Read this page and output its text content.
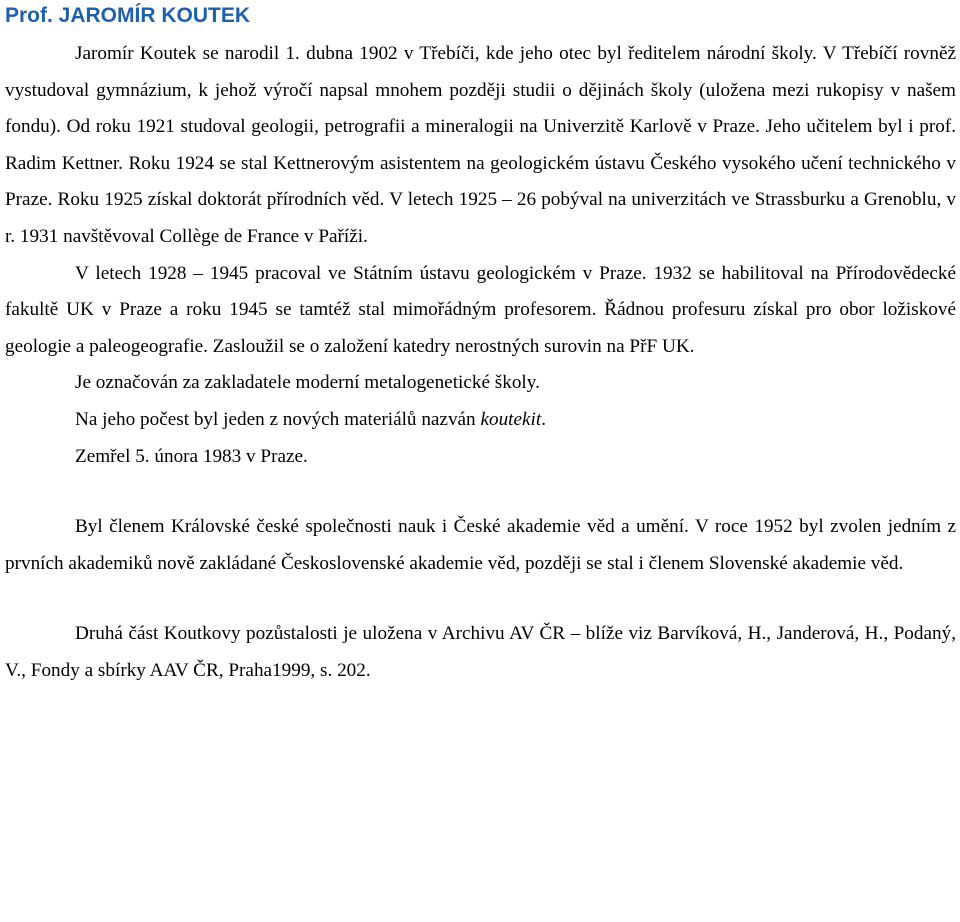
Prof. JAROMÍR KOUTEK

Jaromír Koutek se narodil 1. dubna 1902 v Třebíči, kde jeho otec byl ředitelem národní školy. V Třebíčí rovněž vystudoval gymnázium, k jehož výročí napsal mnohem později studii o dějinách školy (uložena mezi rukopisy v našem fondu). Od roku 1921 studoval geologii, petrografii a mineralogii na Univerzitě Karlově v Praze. Jeho učitelem byl i prof. Radim Kettner. Roku 1924 se stal Kettnerovým asistentem na geologickém ústavu Českého vysokého učení technického v Praze. Roku 1925 získal doktorát přírodních věd. V letech 1925 – 26 pobýval na univerzitách ve Strassburku a Grenoblu, v r. 1931 navštěvoval Collège de France v Paříži.

V letech 1928 – 1945 pracoval ve Státním ústavu geologickém v Praze. 1932 se habilitoval na Přírodovědecké fakultě UK v Praze a roku 1945 se tamtéž stal mimořádným profesorem. Řádnou profesuru získal pro obor ložiskové geologie a paleogeografie. Zasloužil se o založení katedry nerostných surovin na PřF UK.

Je označován za zakladatele moderní metalogenetické školy.

Na jeho počest byl jeden z nových materiálů nazván koutekit.

Zemřel 5. února 1983 v Praze.

Byl členem Královské české společnosti nauk i České akademie věd a umění. V roce 1952 byl zvolen jedním z prvních akademiků nově zakládané Československé akademie věd, později se stal i členem Slovenské akademie věd.

Druhá část Koutkovy pozůstalosti je uložena v Archivu AV ČR – blíže viz Barvíková, H., Janderová, H., Podaný, V., Fondy a sbírky AAV ČR, Praha1999, s. 202.
